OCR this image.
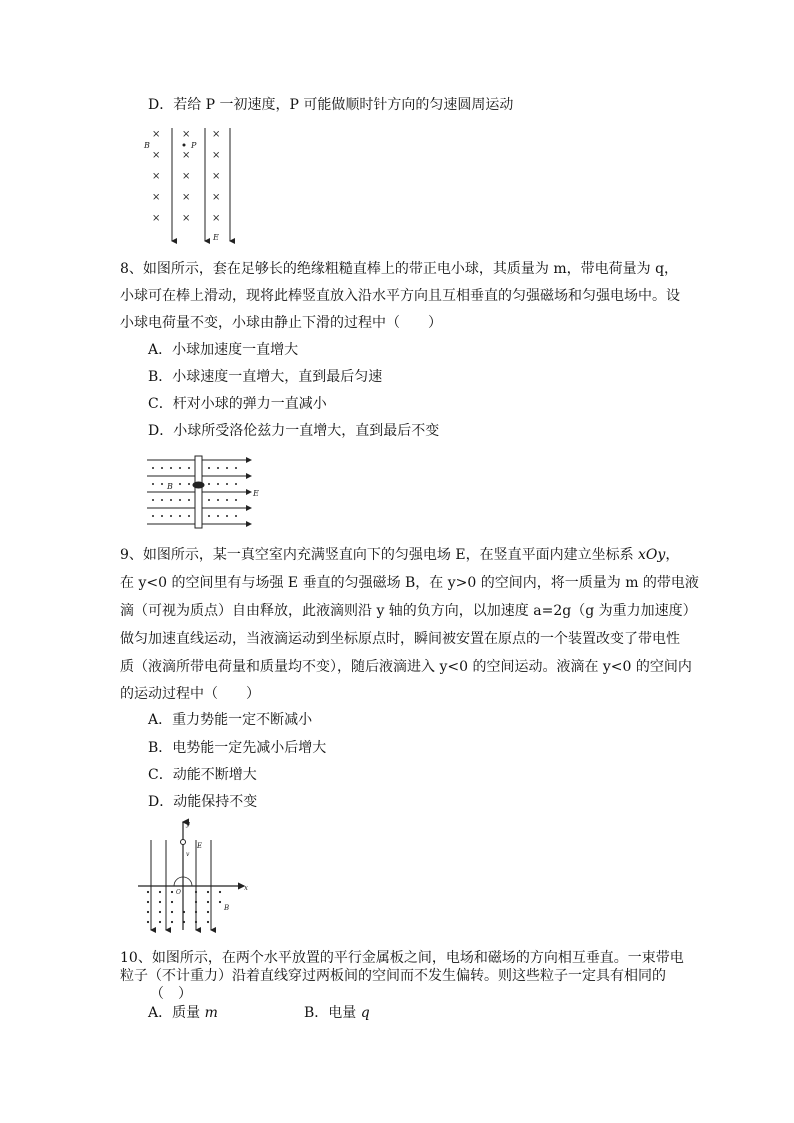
D．若给 P 一初速度，P 可能做顺时针方向的匀速圆周运动
× × ×
× × ×
× × ×
× × ×
× × ×
B	P
E
8、如图所示，套在足够长的绝缘粗糙直棒上的带正电小球，其质量为 m，带电荷量为 q，
小球可在棒上滑动，现将此棒竖直放入沿水平方向且互相垂直的匀强磁场和匀强电场中。设
小球电荷量不变，小球由静止下滑的过程中（　　）
A．小球加速度一直增大
B．小球速度一直增大，直到最后匀速
C．杆对小球的弹力一直减小
D．小球所受洛伦兹力一直增大，直到最后不变
B
E
9、如图所示，某一真空室内充满竖直向下的匀强电场 E，在竖直平面内建立坐标系 xOy，
在 y<0 的空间里有与场强 E 垂直的匀强磁场 B，在 y>0 的空间内，将一质量为 m 的带电液
滴（可视为质点）自由释放，此液滴则沿 y 轴的负方向，以加速度 a=2g（g 为重力加速度）
做匀加速直线运动，当液滴运动到坐标原点时，瞬间被安置在原点的一个装置改变了带电性
质（液滴所带电荷量和质量均不变），随后液滴进入 y<0 的空间运动。液滴在 y<0 的空间内
的运动过程中（　　）
A．重力势能一定不断减小
B．电势能一定先减小后增大
C．动能不断增大
D．动能保持不变
y
x
E
v
O
B
10、如图所示，在两个水平放置的平行金属板之间，电场和磁场的方向相互垂直。一束带电
粒子（不计重力）沿着直线穿过两板间的空间而不发生偏转。则这些粒子一定具有相同的
（　）
A．质量 m	B．电量 q
